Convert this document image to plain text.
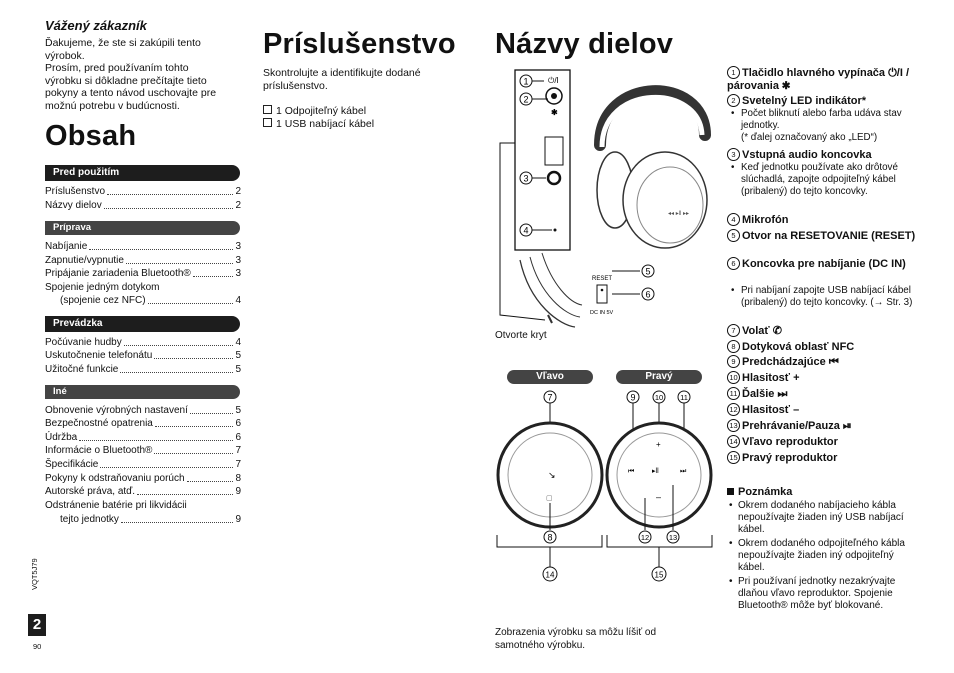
Vážený zákazník
Ďakujeme, že ste si zakúpili tento
výrobok.
Prosím, pred používaním tohto
výrobku si dôkladne prečítajte tieto
pokyny a tento návod uschovajte pre
možnú potrebu v budúcnosti.
Obsah
Pred použitím
Príslušenstvo	2
Názvy dielov	2
Príprava
Nabíjanie	3
Zapnutie/vypnutie	3
Pripájanie zariadenia Bluetooth®	3
Spojenie jedným dotykom
(spojenie cez NFC)	4
Prevádzka
Počúvanie hudby	4
Uskutočnenie telefonátu	5
Užitočné funkcie	5
Iné
Obnovenie výrobných nastavení	5
Bezpečnostné opatrenia	6
Údržba	6
Informácie o Bluetooth®	7
Špecifikácie	7
Pokyny k odstraňovaniu porúch	8
Autorské práva, atď.	9
Odstránenie batérie pri likvidácii
tejto jednotky	9
VQT5J79
2
90
Príslušenstvo
Skontrolujte a identifikujte dodané
príslušenstvo.
1 Odpojiteľný kábel
1 USB nabíjací kábel
Názvy dielov
1
2
⏻/I
✱
3
4
◂◂ ▸ll ▸▸
RESET
DC IN 5V
5
6
Otvorte kryt
Vľavo	Pravý
7
↘
▢
8
14
9	10 11
+
⏮	▸ll	⏭
–
12	13
15
Zobrazenia výrobku sa môžu líšiť od
samotného výrobku.
1 Tlačidlo hlavného vypínača ⏻/I / párovania ✱
2 Svetelný LED indikátor*
• Počet bliknutí alebo farba udáva stav jednotky.
(* ďalej označovaný ako „LED“)
3 Vstupná audio koncovka
• Keď jednotku používate ako drôtové slúchadlá, zapojte odpojiteľný kábel (pribalený) do tejto koncovky.
4 Mikrofón
5 Otvor na RESETOVANIE (RESET)
6 Koncovka pre nabíjanie (DC IN)
• Pri nabíjaní zapojte USB nabíjací kábel (pribalený) do tejto koncovky. (→ Str. 3)
7 Volať ✆
8 Dotyková oblasť NFC
9 Predchádzajúce ⏮
10 Hlasitosť +
11 Ďalšie ⏭
12 Hlasitosť –
13 Prehrávanie/Pauza ⏯
14 Vľavo reproduktor
15 Pravý reproduktor
Poznámka
• Okrem dodaného nabíjacieho kábla nepoužívajte žiaden iný USB nabíjací kábel.
• Okrem dodaného odpojiteľného kábla nepoužívajte žiaden iný odpojiteľný kábel.
• Pri používaní jednotky nezakrývajte dlaňou vľavo reproduktor. Spojenie Bluetooth® môže byť blokované.
